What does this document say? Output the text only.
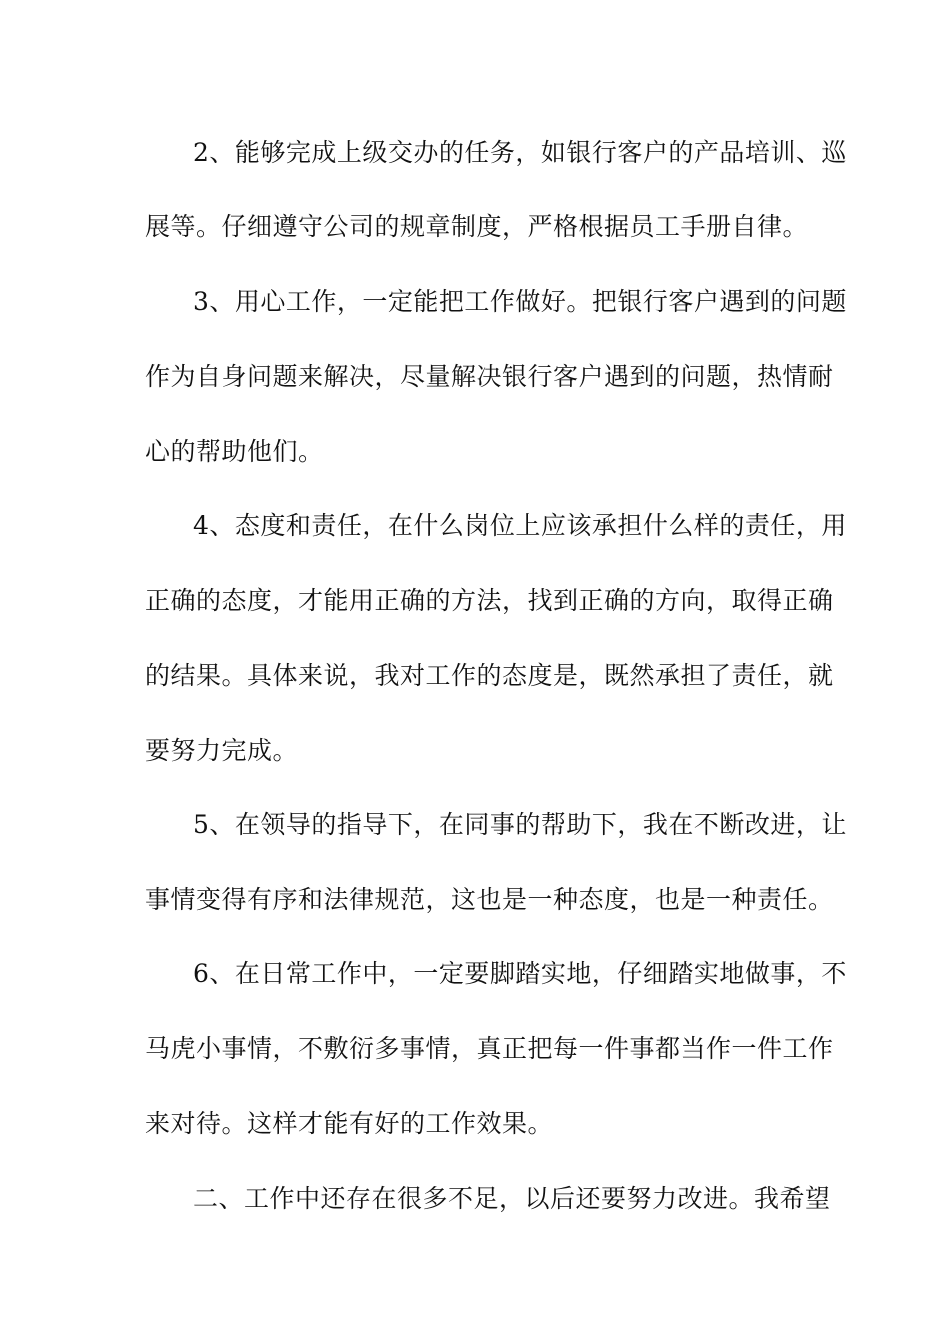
2、能够完成上级交办的任务，如银行客户的产品培训、巡
展等。仔细遵守公司的规章制度，严格根据员工手册自律。
3、用心工作，一定能把工作做好。把银行客户遇到的问题
作为自身问题来解决，尽量解决银行客户遇到的问题，热情耐
心的帮助他们。
4、态度和责任，在什么岗位上应该承担什么样的责任，用
正确的态度，才能用正确的方法，找到正确的方向，取得正确
的结果。具体来说，我对工作的态度是，既然承担了责任，就
要努力完成。
5、在领导的指导下，在同事的帮助下，我在不断改进，让
事情变得有序和法律规范，这也是一种态度，也是一种责任。
6、在日常工作中，一定要脚踏实地，仔细踏实地做事，不
马虎小事情，不敷衍多事情，真正把每一件事都当作一件工作
来对待。这样才能有好的工作效果。
二、工作中还存在很多不足，以后还要努力改进。我希望
